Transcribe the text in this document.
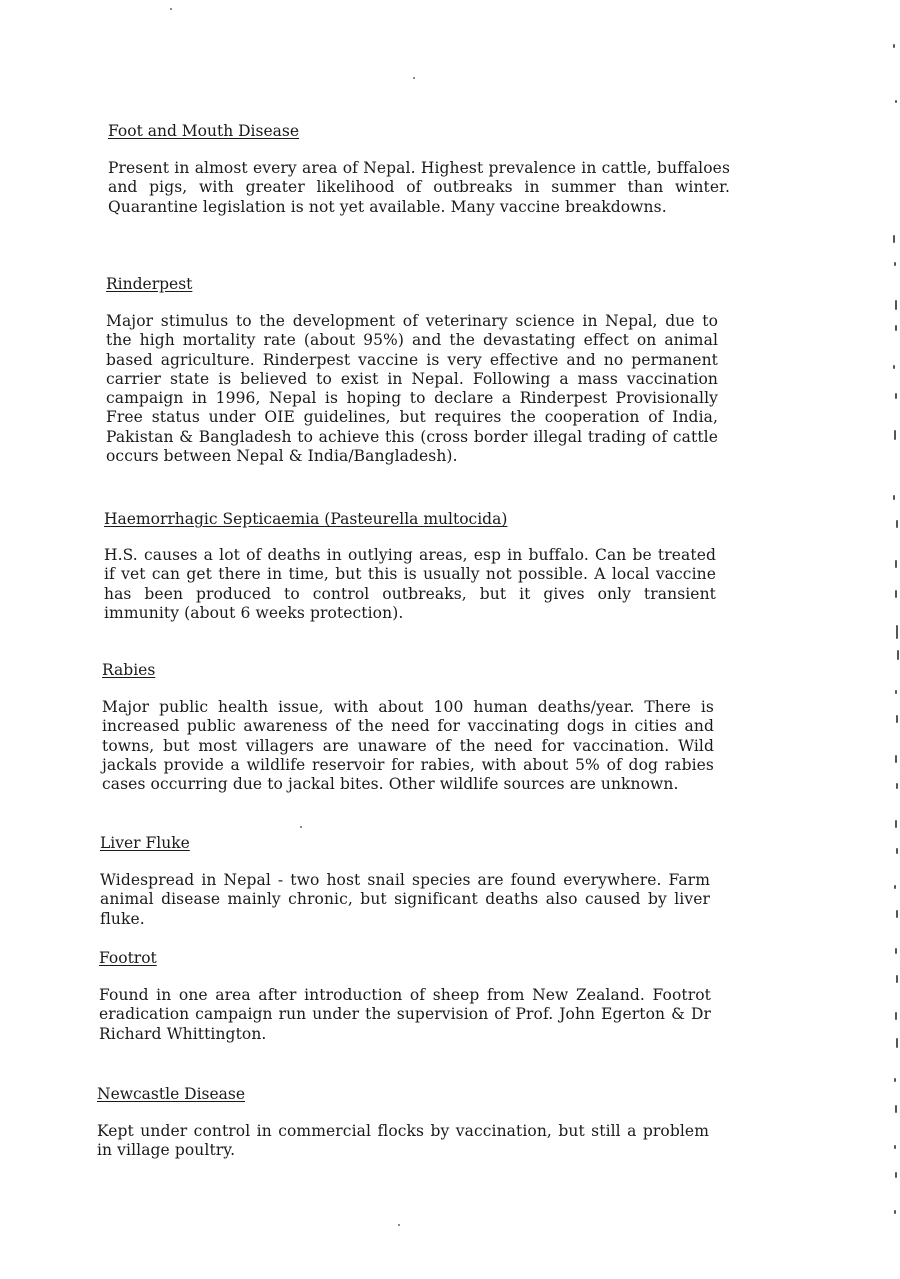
Foot and Mouth Disease

Present in almost every area of Nepal. Highest prevalence in cattle, buffaloes and pigs, with greater likelihood of outbreaks in summer than winter. Quarantine legislation is not yet available. Many vaccine breakdowns.

Rinderpest

Major stimulus to the development of veterinary science in Nepal, due to the high mortality rate (about 95%) and the devastating effect on animal based agriculture. Rinderpest vaccine is very effective and no permanent carrier state is believed to exist in Nepal. Following a mass vaccination campaign in 1996, Nepal is hoping to declare a Rinderpest Provisionally Free status under OIE guidelines, but requires the cooperation of India, Pakistan & Bangladesh to achieve this (cross border illegal trading of cattle occurs between Nepal & India/Bangladesh).

Haemorrhagic Septicaemia (Pasteurella multocida)

H.S. causes a lot of deaths in outlying areas, esp in buffalo. Can be treated if vet can get there in time, but this is usually not possible. A local vaccine has been produced to control outbreaks, but it gives only transient immunity (about 6 weeks protection).

Rabies

Major public health issue, with about 100 human deaths/year. There is increased public awareness of the need for vaccinating dogs in cities and towns, but most villagers are unaware of the need for vaccination. Wild jackals provide a wildlife reservoir for rabies, with about 5% of dog rabies cases occurring due to jackal bites. Other wildlife sources are unknown.

Liver Fluke

Widespread in Nepal - two host snail species are found everywhere. Farm animal disease mainly chronic, but significant deaths also caused by liver fluke.

Footrot

Found in one area after introduction of sheep from New Zealand. Footrot eradication campaign run under the supervision of Prof. John Egerton & Dr Richard Whittington.

Newcastle Disease

Kept under control in commercial flocks by vaccination, but still a problem in village poultry.
